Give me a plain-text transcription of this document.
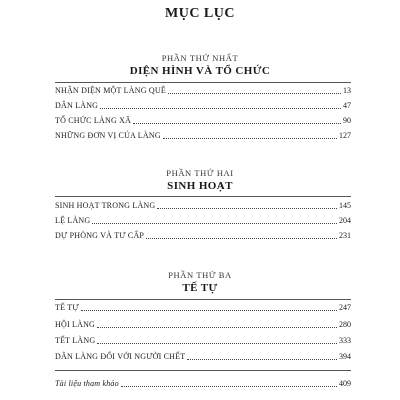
MỤC LỤC
PHẦN THỨ NHẤT
DIỆN HÌNH VÀ TỔ CHỨC
NHẬN DIỆN MỘT LÀNG QUÊ	13
DÂN LÀNG	47
TỔ CHỨC LÀNG XÃ	90
NHỮNG ĐƠN VỊ CỦA LÀNG	127
PHẦN THỨ HAI
SINH HOẠT
SINH HOẠT TRONG LÀNG	145
LỆ LÀNG	204
DỰ PHÒNG VÀ TƯ CẤP	231
PHẦN THỨ BA
TẾ TỰ
TẾ TỰ	247
HỘI LÀNG	280
TẾT LÀNG	333
DÂN LÀNG ĐỐI VỚI NGƯỜI CHẾT	394
Tài liệu tham khảo	409
